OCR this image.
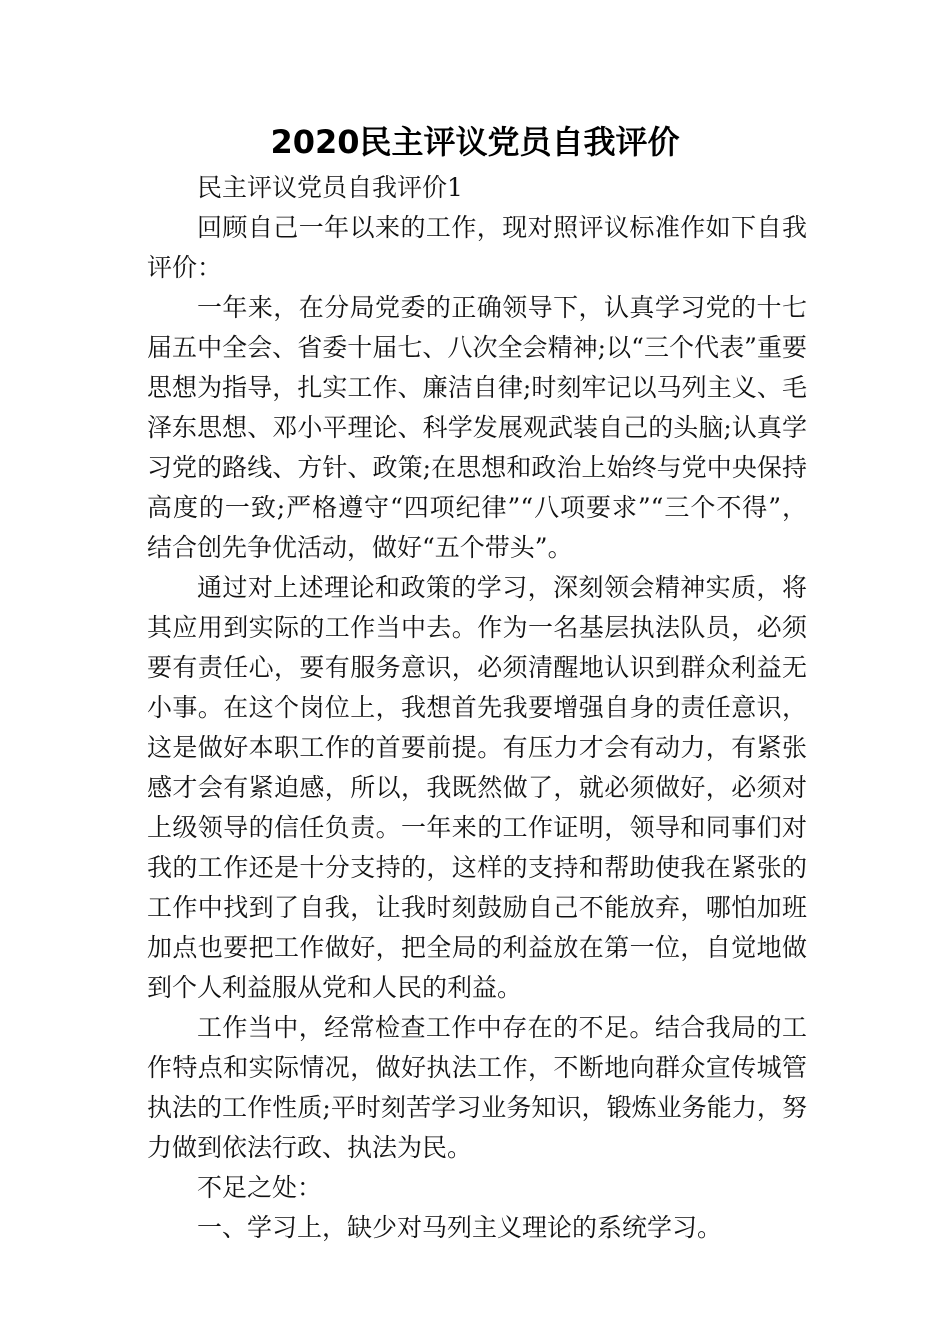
2020民主评议党员自我评价

民主评议党员自我评价1

回顾自己一年以来的工作，现对照评议标准作如下自我评价：

一年来，在分局党委的正确领导下，认真学习党的十七届五中全会、省委十届七、八次全会精神;以“三个代表”重要思想为指导，扎实工作、廉洁自律;时刻牢记以马列主义、毛泽东思想、邓小平理论、科学发展观武装自己的头脑;认真学习党的路线、方针、政策;在思想和政治上始终与党中央保持高度的一致;严格遵守“四项纪律”“八项要求”“三个不得”，结合创先争优活动，做好“五个带头”。

通过对上述理论和政策的学习，深刻领会精神实质，将其应用到实际的工作当中去。作为一名基层执法队员，必须要有责任心，要有服务意识，必须清醒地认识到群众利益无小事。在这个岗位上，我想首先我要增强自身的责任意识，这是做好本职工作的首要前提。有压力才会有动力，有紧张感才会有紧迫感，所以，我既然做了，就必须做好，必须对上级领导的信任负责。一年来的工作证明，领导和同事们对我的工作还是十分支持的，这样的支持和帮助使我在紧张的工作中找到了自我，让我时刻鼓励自己不能放弃，哪怕加班加点也要把工作做好，把全局的利益放在第一位，自觉地做到个人利益服从党和人民的利益。

工作当中，经常检查工作中存在的不足。结合我局的工作特点和实际情况，做好执法工作，不断地向群众宣传城管执法的工作性质;平时刻苦学习业务知识，锻炼业务能力，努力做到依法行政、执法为民。

不足之处：

一、学习上，缺少对马列主义理论的系统学习。
